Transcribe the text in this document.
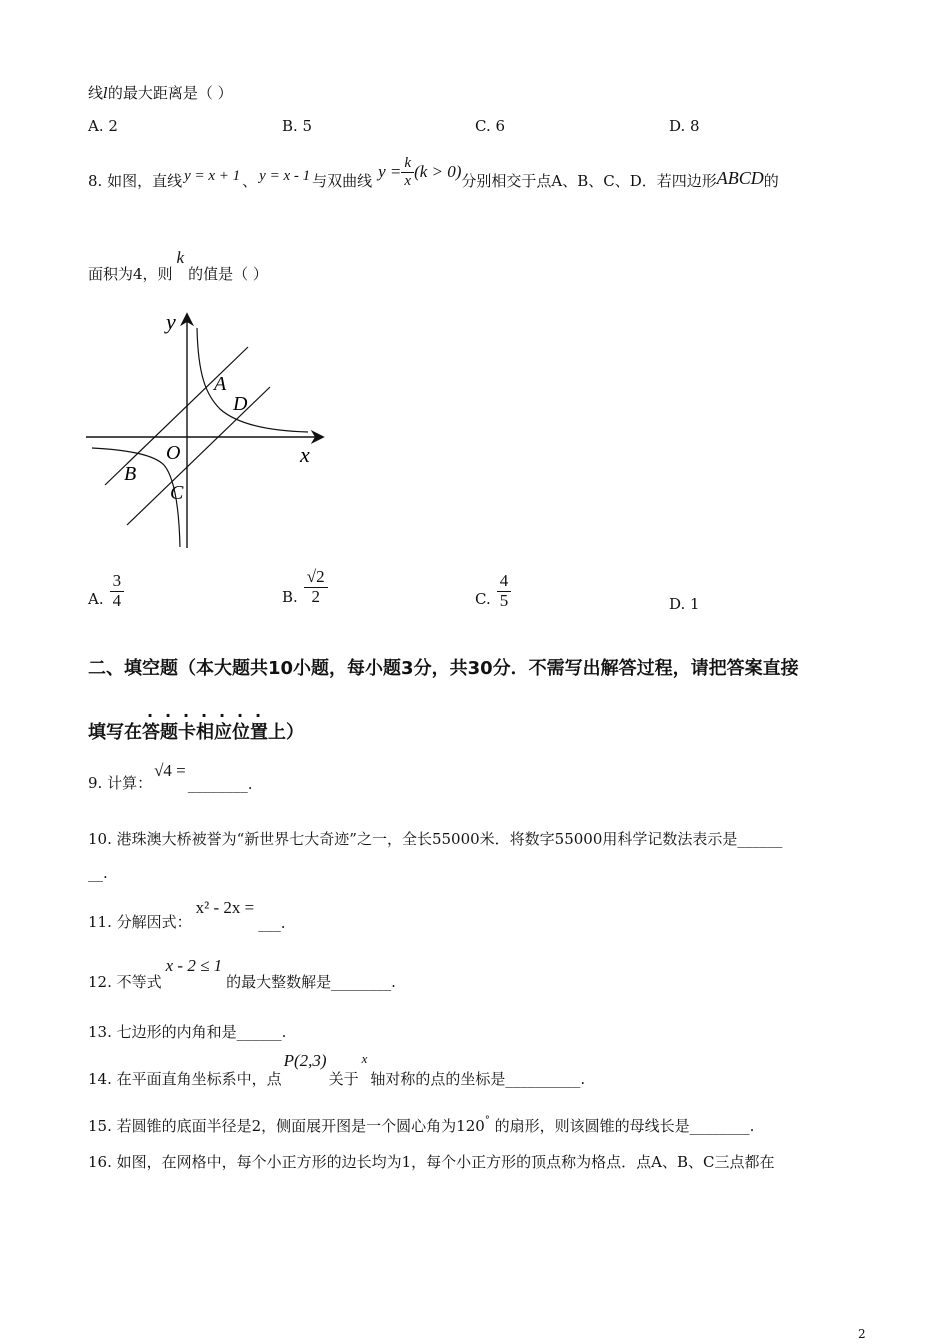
线l的最大距离是（ ）
A. 2	B. 5	C. 6	D. 8
8. 如图，直线 y = x + 1 、 y = x - 1 与双曲线 $y = \frac{k}{x} (k > 0)$ 分别相交于点A、B、C、D．若四边形 ABCD 的
面积为4，则
k
的值是（ ）
y
x
O
A
D
B
C
A. $\frac{3}{4}$	B. $\frac{√2}{2}$	C. $\frac{4}{5}$	D. 1
二、填空题（本大题共10小题，每小题3分，共30分．不需写出解答过程，请把答案直接
填写在答题卡相应位置上）
9. 计算：
√4 =
________.
10. 港珠澳大桥被誉为“新世界七大奇迹”之一，全长55000米．将数字55000用科学记数法表示是______
__.
11. 分解因式：
x² - 2x =
___.
12. 不等式
x - 2 ≤ 1
的最大整数解是________.
13. 七边形的内角和是______.
14. 在平面直角坐标系中，点
P(2,3)
关于
x
轴对称的点的坐标是__________.
15. 若圆锥的底面半径是2，侧面展开图是一个圆心角为120° 的扇形，则该圆锥的母线长是________.
16. 如图，在网格中，每个小正方形的边长均为1，每个小正方形的顶点称为格点．点A、B、C三点都在
2
